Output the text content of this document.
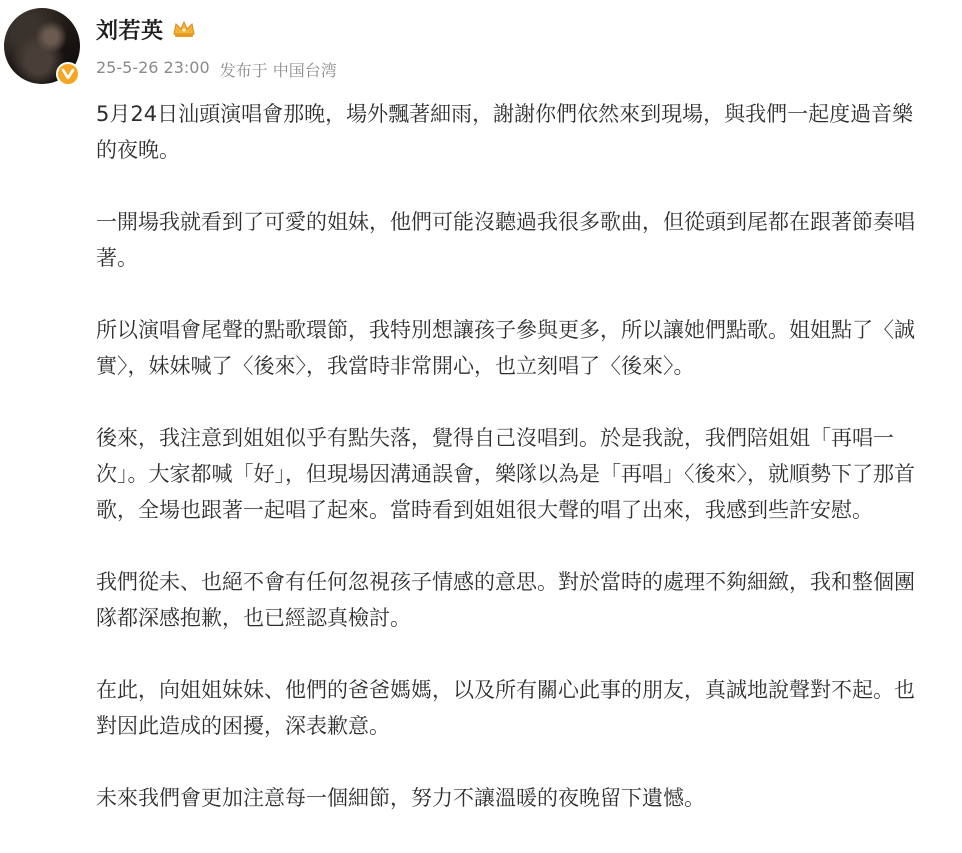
刘若英
25-5-26 23:00 发布于 中国台湾

5月24日汕頭演唱會那晚，場外飄著細雨，謝謝你們依然來到現場，與我們一起度過音樂的夜晚。

一開場我就看到了可愛的姐妹，他們可能沒聽過我很多歌曲，但從頭到尾都在跟著節奏唱著。

所以演唱會尾聲的點歌環節，我特別想讓孩子參與更多，所以讓她們點歌。姐姐點了〈誠實〉，妹妹喊了〈後來〉，我當時非常開心，也立刻唱了〈後來〉。

後來，我注意到姐姐似乎有點失落，覺得自己沒唱到。於是我說，我們陪姐姐「再唱一次」。大家都喊「好」，但現場因溝通誤會，樂隊以為是「再唱」〈後來〉，就順勢下了那首歌，全場也跟著一起唱了起來。當時看到姐姐很大聲的唱了出來，我感到些許安慰。

我們從未、也絕不會有任何忽視孩子情感的意思。對於當時的處理不夠細緻，我和整個團隊都深感抱歉，也已經認真檢討。

在此，向姐姐妹妹、他們的爸爸媽媽，以及所有關心此事的朋友，真誠地說聲對不起。也對因此造成的困擾，深表歉意。

未來我們會更加注意每一個細節，努力不讓溫暖的夜晚留下遺憾。
